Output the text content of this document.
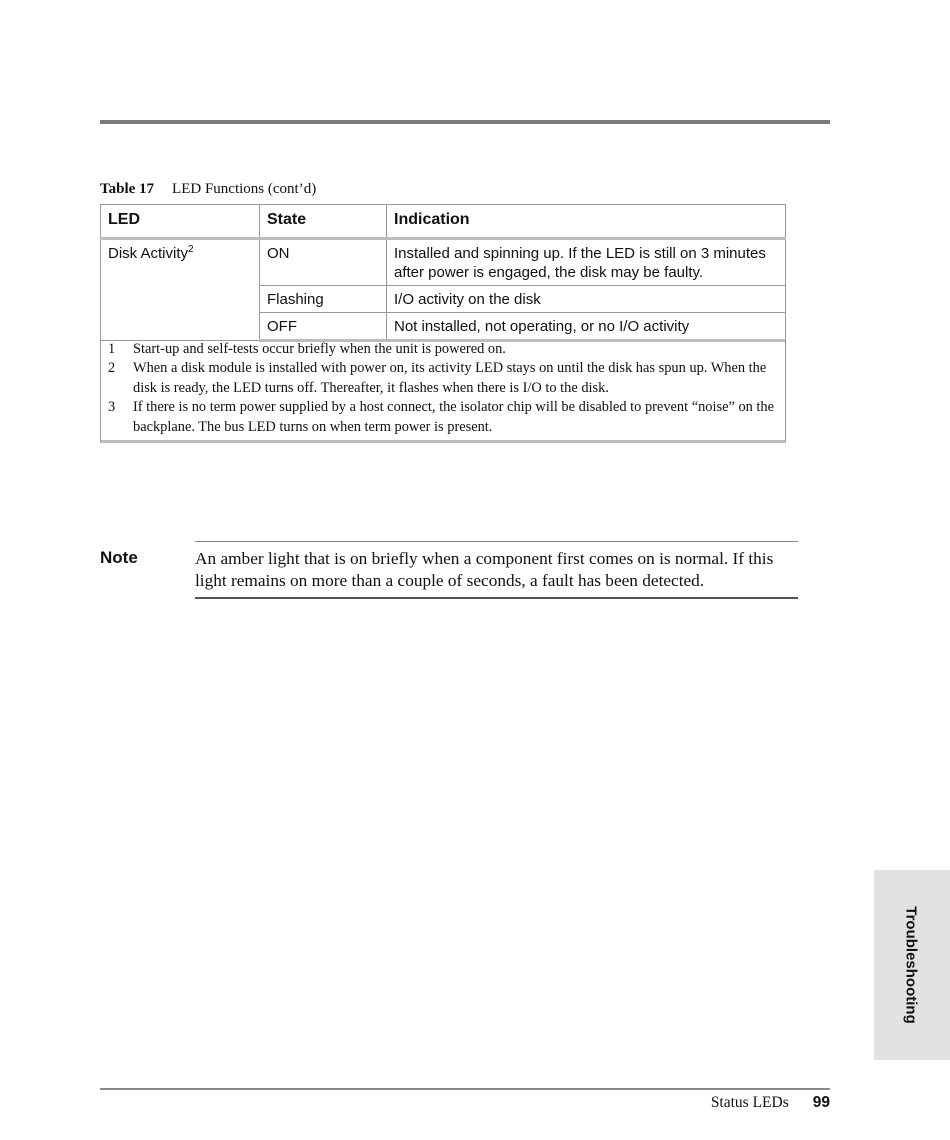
Table 17 LED Functions (cont’d)
LED	State	Indication
Disk Activity$^2$	ON	Installed and spinning up. If the LED is still on 3 minutes after power is engaged, the disk may be faulty.
	Flashing	I/O activity on the disk
	OFF	Not installed, not operating, or no I/O activity
1	Start-up and self-tests occur briefly when the unit is powered on.
2	When a disk module is installed with power on, its activity LED stays on until the disk has spun up. When the disk is ready, the LED turns off. Thereafter, it flashes when there is I/O to the disk.
3	If there is no term power supplied by a host connect, the isolator chip will be disabled to prevent “noise” on the backplane. The bus LED turns on when term power is present.
Note	An amber light that is on briefly when a component first comes on is normal. If this light remains on more than a couple of seconds, a fault has been detected.
Troubleshooting
Status LEDs 99
